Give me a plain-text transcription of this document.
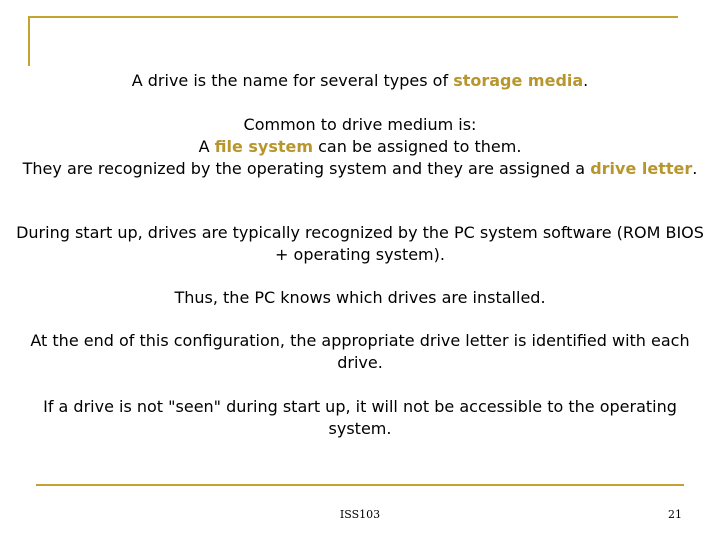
A drive is the name for several types of storage media.
Common to drive medium is:
A file system can be assigned to them.
They are recognized by the operating system and they are assigned a drive letter.
During start up, drives are typically recognized by the PC system software (ROM BIOS
+ operating system).
Thus, the PC knows which drives are installed.
At the end of this configuration, the appropriate drive letter is identified with each
drive.
If a drive is not "seen" during start up, it will not be accessible to the operating
system.
ISS103	21
